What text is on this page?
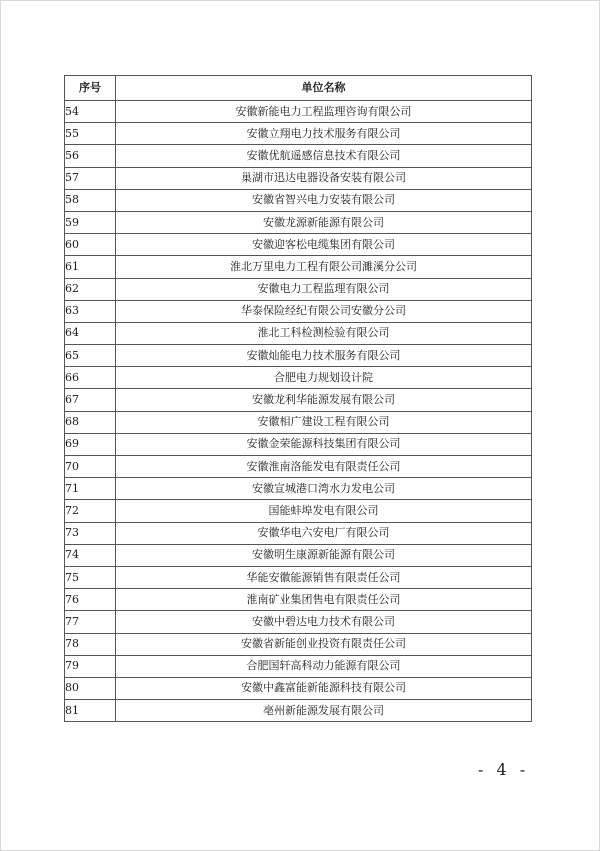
序号	单位名称
54	安徽新能电力工程监理咨询有限公司
55	安徽立翔电力技术服务有限公司
56	安徽优航遥感信息技术有限公司
57	巢湖市迅达电器设备安装有限公司
58	安徽省智兴电力安装有限公司
59	安徽龙源新能源有限公司
60	安徽迎客松电缆集团有限公司
61	淮北万里电力工程有限公司濉溪分公司
62	安徽电力工程监理有限公司
63	华泰保险经纪有限公司安徽分公司
64	淮北工科检测检验有限公司
65	安徽灿能电力技术服务有限公司
66	合肥电力规划设计院
67	安徽龙利华能源发展有限公司
68	安徽相广建设工程有限公司
69	安徽金荣能源科技集团有限公司
70	安徽淮南洛能发电有限责任公司
71	安徽宣城港口湾水力发电公司
72	国能蚌埠发电有限公司
73	安徽华电六安电厂有限公司
74	安徽明生康源新能源有限公司
75	华能安徽能源销售有限责任公司
76	淮南矿业集团售电有限责任公司
77	安徽中碧达电力技术有限公司
78	安徽省新能创业投资有限责任公司
79	合肥国轩高科动力能源有限公司
80	安徽中鑫富能新能源科技有限公司
81	亳州新能源发展有限公司
- 4 -
